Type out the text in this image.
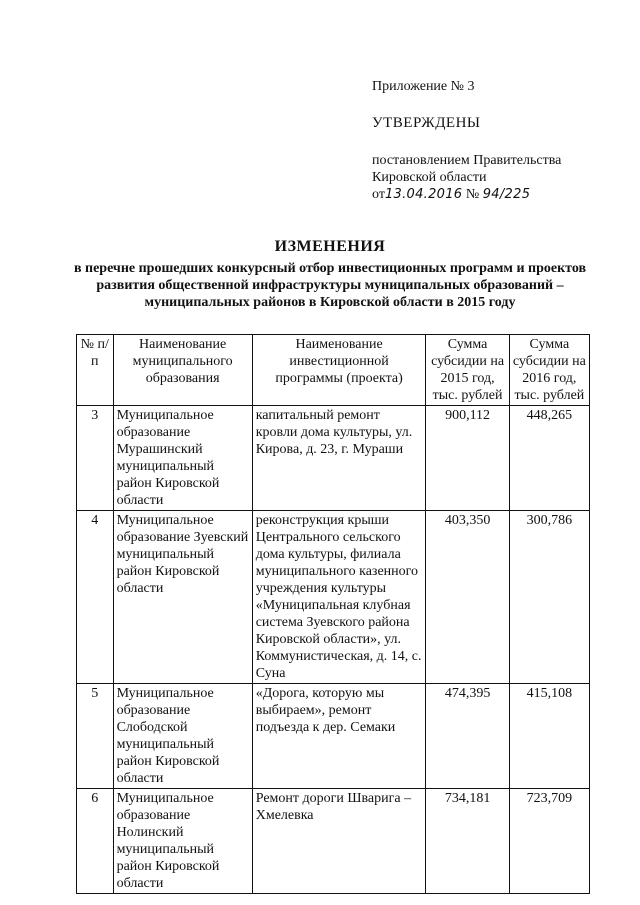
Приложение № 3
УТВЕРЖДЕНЫ
постановлением Правительства
Кировской области
от13.04.2016 № 94/225
ИЗМЕНЕНИЯ
в перечне прошедших конкурсный отбор инвестиционных программ и проектов развития общественной инфраструктуры муниципальных образований – муниципальных районов в Кировской области в 2015 году
№ п/п	Наименование муниципального образования	Наименование инвестиционной программы (проекта)	Сумма субсидии на 2015 год, тыс. рублей	Сумма субсидии на 2016 год, тыс. рублей
3	Муниципальное образование Мурашинский муниципальный район Кировской области	капитальный ремонт кровли дома культуры, ул. Кирова, д. 23, г. Мураши	900,112	448,265
4	Муниципальное образование Зуевский муниципальный район Кировской области	реконструкция крыши Центрального сельского дома культуры, филиала муниципального казенного учреждения культуры «Муниципальная клубная система Зуевского района Кировской области», ул. Коммунистическая, д. 14, с. Суна	403,350	300,786
5	Муниципальное образование Слободской муниципальный район Кировской области	«Дорога, которую мы выбираем», ремонт подъезда к дер. Семаки	474,395	415,108
6	Муниципальное образование Нолинский муниципальный район Кировской области	Ремонт дороги Шварига – Хмелевка	734,181	723,709
